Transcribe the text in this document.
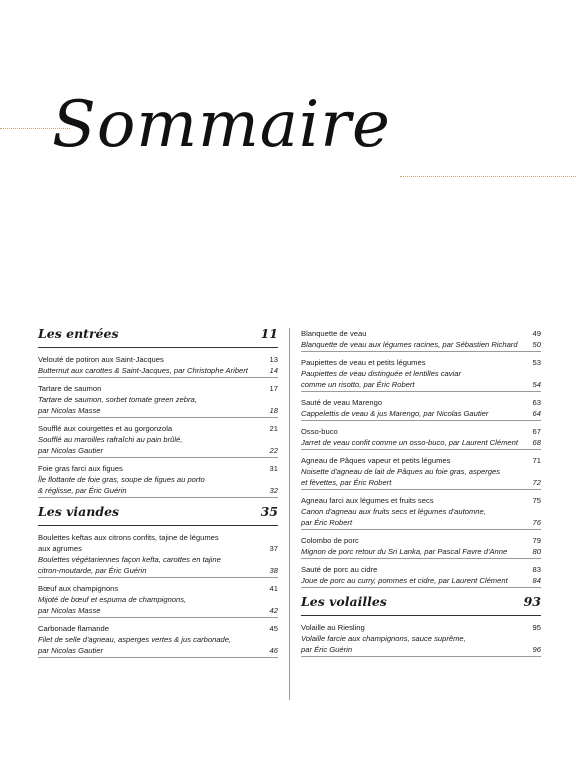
Sommaire
Les entrées	11
Velouté de potiron aux Saint-Jacques	13
Butternut aux carottes & Saint-Jacques, par Christophe Aribert	14
Tartare de saumon	17
Tartare de saumon, sorbet tomate green zebra,
par Nicolas Masse	18
Soufflé aux courgettes et au gorgonzola	21
Soufflé au maroilles rafraîchi au pain brûlé,
par Nicolas Gautier	22
Foie gras farci aux figues	31
Île flottante de foie gras, soupe de figues au porto
& réglisse, par Éric Guérin	32
Les viandes	35
Boulettes keftas aux citrons confits, tajine de légumes
aux agrumes	37
Boulettes végétariennes façon kefta, carottes en tajine
citron-moutarde, par Éric Guérin	38
Bœuf aux champignons	41
Mijoté de bœuf et espuma de champignons,
par Nicolas Masse	42
Carbonade flamande	45
Filet de selle d'agneau, asperges vertes & jus carbonade,
par Nicolas Gautier	46
Blanquette de veau	49
Blanquette de veau aux légumes racines, par Sébastien Richard	50
Paupiettes de veau et petits légumes	53
Paupiettes de veau distinguée et lentilles caviar
comme un risotto, par Éric Robert	54
Sauté de veau Marengo	63
Cappelettis de veau & jus Marengo, par Nicolas Gautier	64
Osso-buco	67
Jarret de veau confit comme un osso-buco, par Laurent Clément	68
Agneau de Pâques vapeur et petits légumes	71
Noisette d'agneau de lait de Pâques au foie gras, asperges
et fèvettes, par Éric Robert	72
Agneau farci aux légumes et fruits secs	75
Canon d'agneau aux fruits secs et légumes d'automne,
par Éric Robert	76
Colombo de porc	79
Mignon de porc retour du Sri Lanka, par Pascal Favre d'Anne	80
Sauté de porc au cidre	83
Joue de porc au curry, pommes et cidre, par Laurent Clément	84
Les volailles	93
Volaille au Riesling	95
Volaille farcie aux champignons, sauce suprême,
par Éric Guérin	96
